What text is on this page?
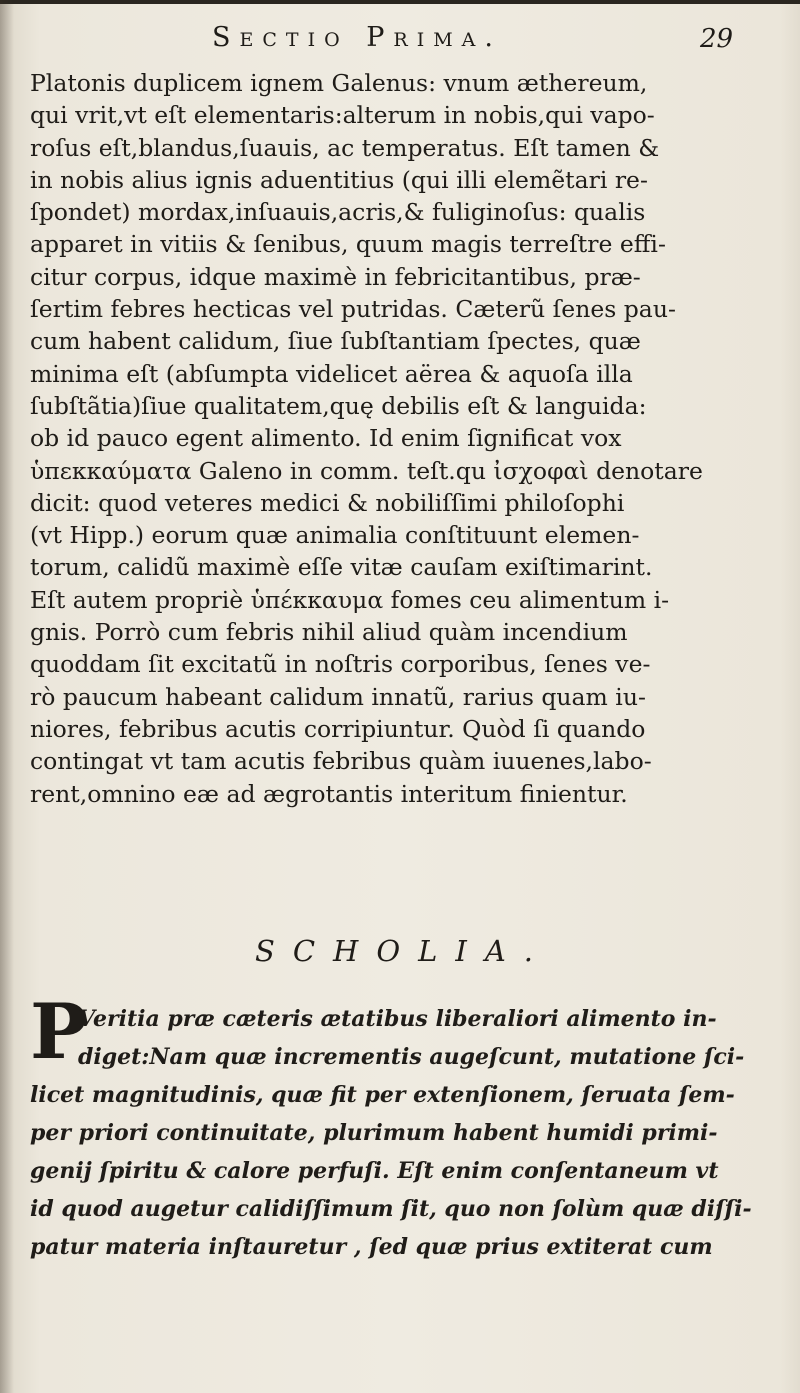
Sectio Prima.	29
Platonis duplicem ignem Galenus: vnum æthereum,
qui vrit,vt eſt elementaris:alterum in nobis,qui vapo-
roſus eſt,blandus,ſuauis, ac temperatus. Eſt tamen &
in nobis alius ignis aduentitius (qui illi elemẽtari re-
ſpondet) mordax,inſuauis,acris,& fuliginoſus: qualis
apparet in vitiis & ſenibus, quum magis terreſtre effi-
citur corpus, idque maximè in febricitantibus, præ-
ſertim febres hecticas vel putridas. Cæterũ ſenes pau-
cum habent calidum, ſiue ſubſtantiam ſpectes, quæ
minima eſt (abſumpta videlicet aërea & aquoſa illa
ſubſtãtia)ſiue qualitatem,quę debilis eſt & languida:
ob id pauco egent alimento. Id enim ſignificat vox
ὑπεκκαύματα Galeno in comm. teſt.qu ἰσχοφαὶ denotare
dicit: quod veteres medici & nobiliſſimi philoſophi
(vt Hipp.) eorum quæ animalia conſtituunt elemen-
torum, calidũ maximè eſſe vitæ cauſam exiſtimarint.
Eſt autem propriè ὑπέκκαυμα fomes ceu alimentum i-
gnis. Porrò cum febris nihil aliud quàm incendium
quoddam ſit excitatũ in noſtris corporibus, ſenes ve-
rò paucum habeant calidum innatũ, rarius quam iu-
niores, febribus acutis corripiuntur. Quòd ſi quando
contingat vt tam acutis febribus quàm iuuenes,labo-
rent,omnino eæ ad ægrotantis interitum finientur.
SCHOLIA.
P
Veritia præ cæteris ætatibus liberaliori alimento in-
diget:Nam quæ incrementis augeſcunt, mutatione ſci-
licet magnitudinis, quæ fit per extenſionem, ſeruata ſem-
per priori continuitate, plurimum habent humidi primi-
genij ſpiritu & calore perfuſi. Eſt enim conſentaneum vt
id quod augetur calidiſſimum ſit, quo non ſolùm quæ diſſi-
patur materia inſtauretur , ſed quæ prius extiterat cum
